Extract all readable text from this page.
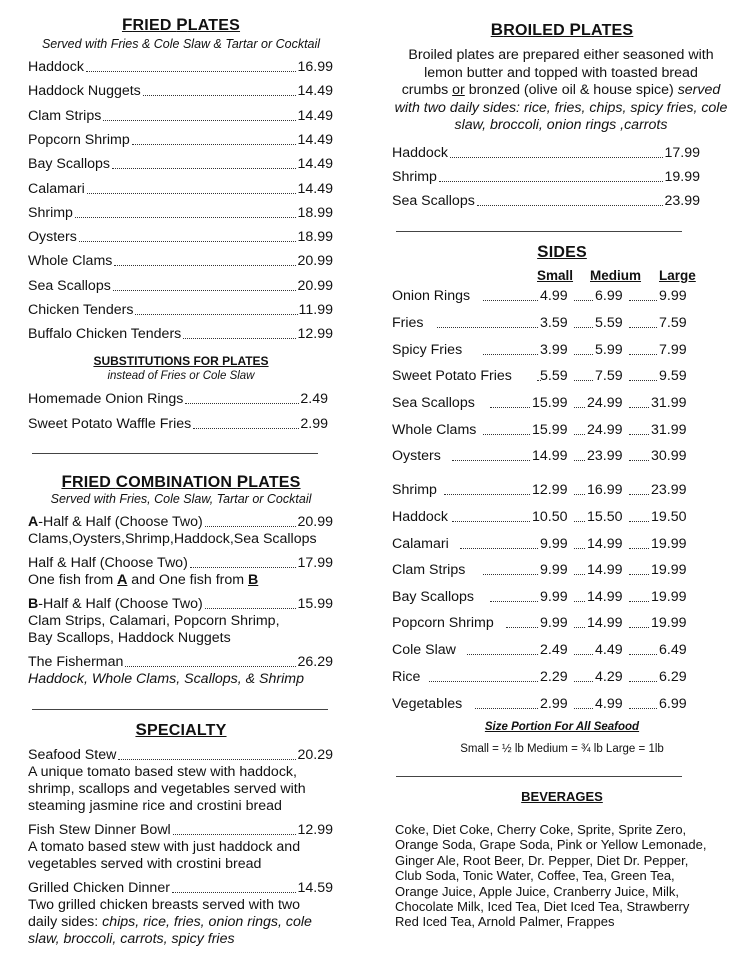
FRIED PLATES
Served with Fries & Cole Slaw & Tartar or Cocktail
Haddock	16.99
Haddock Nuggets	14.49
Clam Strips	14.49
Popcorn Shrimp	14.49
Bay Scallops	14.49
Calamari	14.49
Shrimp	18.99
Oysters	18.99
Whole Clams	20.99
Sea Scallops	20.99
Chicken Tenders	11.99
Buffalo Chicken Tenders	12.99
SUBSTITUTIONS FOR PLATES
instead of Fries or Cole Slaw
Homemade Onion Rings	2.49
Sweet Potato Waffle Fries	2.99
FRIED COMBINATION PLATES
Served with Fries, Cole Slaw, Tartar or Cocktail
A-Half & Half (Choose Two)	20.99
Clams,Oysters,Shrimp,Haddock,Sea Scallops
Half & Half (Choose Two)	17.99
One fish from A and One fish from B
B-Half & Half (Choose Two)	15.99
Clam Strips, Calamari, Popcorn Shrimp,
Bay Scallops, Haddock Nuggets
The Fisherman	26.29
Haddock, Whole Clams, Scallops, & Shrimp
SPECIALTY
Seafood Stew	20.29
A unique tomato based stew with haddock,
shrimp, scallops and vegetables served with
steaming jasmine rice and crostini bread
Fish Stew Dinner Bowl	12.99
A tomato based stew with just haddock and
vegetables served with crostini bread
Grilled Chicken Dinner	14.59
Two grilled chicken breasts served with two
daily sides: chips, rice, fries, onion rings, cole
slaw, broccoli, carrots, spicy fries
BROILED PLATES
Broiled plates are prepared either seasoned with
lemon butter and topped with toasted bread
crumbs or bronzed (olive oil & house spice) served
with two daily sides: rice, fries, chips, spicy fries, cole
slaw, broccoli, onion rings ,carrots
Haddock	17.99
Shrimp	19.99
Sea Scallops	23.99
SIDES
Small Medium Large
Onion Rings	4.99 6.99	9.99
Fries	3.59 5.59	7.59
Spicy Fries	3.99 5.99	7.99
Sweet Potato Fries 5.59 7.59	9.59
Sea Scallops	15.99 24.99 31.99
Whole Clams	15.99 24.99 31.99
Oysters	14.99 23.99 30.99
Shrimp	12.99 16.99 23.99
Haddock	10.50 15.50 19.50
Calamari	9.99 14.99 19.99
Clam Strips	9.99 14.99 19.99
Bay Scallops	9.99 14.99 19.99
Popcorn Shrimp	9.99 14.99 19.99
Cole Slaw	2.49 4.49	6.49
Rice	2.29 4.29	6.29
Vegetables	2.99 4.99	6.99
Size Portion For All Seafood
Small = ½ lb Medium = ¾ lb Large = 1lb
BEVERAGES
Coke, Diet Coke, Cherry Coke, Sprite, Sprite Zero,
Orange Soda, Grape Soda, Pink or Yellow Lemonade,
Ginger Ale, Root Beer, Dr. Pepper, Diet Dr. Pepper,
Club Soda, Tonic Water, Coffee, Tea, Green Tea,
Orange Juice, Apple Juice, Cranberry Juice, Milk,
Chocolate Milk, Iced Tea, Diet Iced Tea, Strawberry
Red Iced Tea, Arnold Palmer, Frappes
